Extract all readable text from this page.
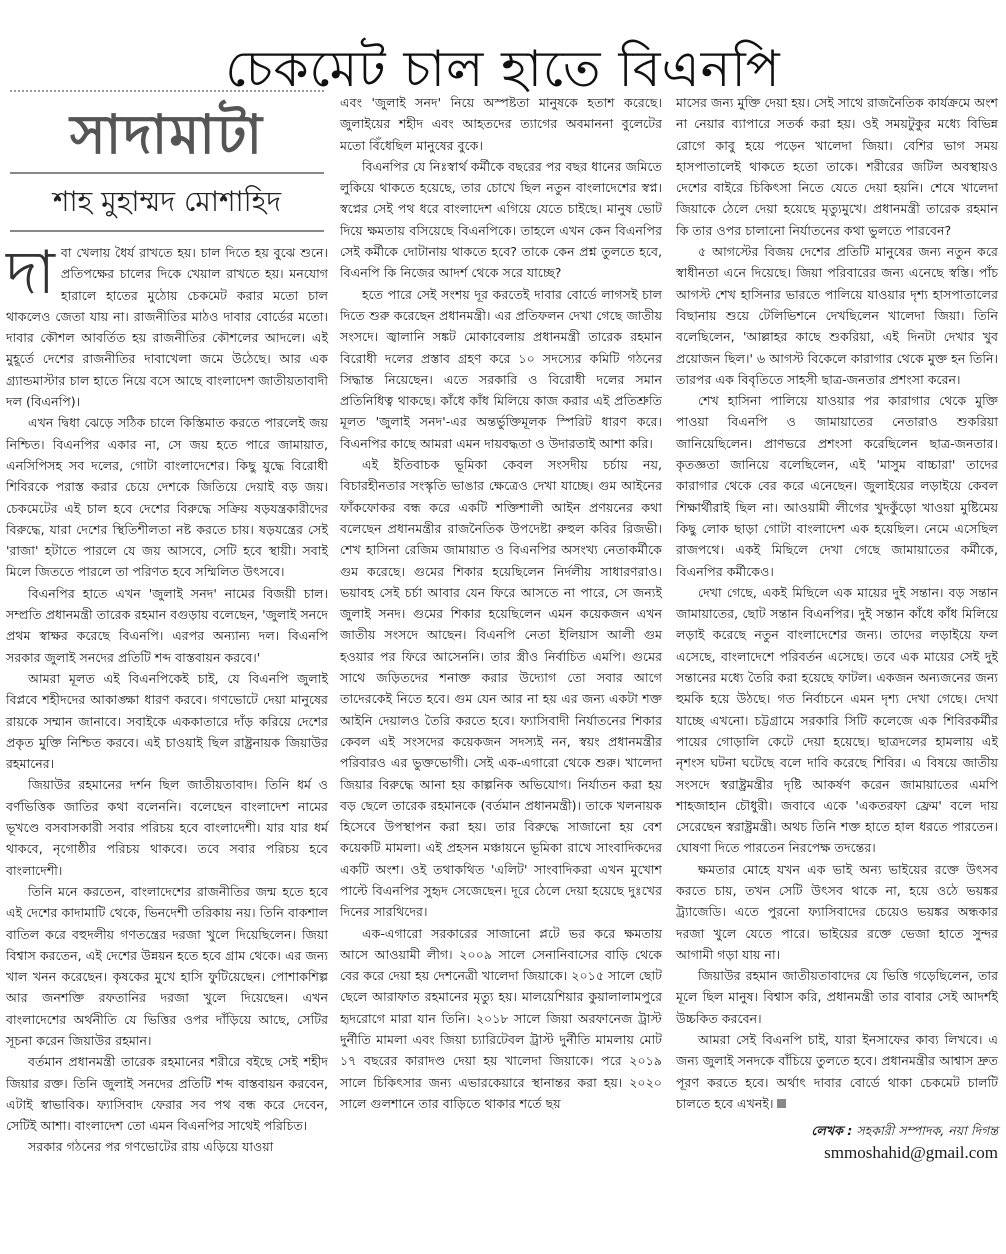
চেকমেট চাল হাতে বিএনপি
সাদামাটা
শাহ মুহাম্মদ মোশাহিদ

দাবা খেলায় ধৈর্য রাখতে হয়। চাল দিতে হয় বুঝে শুনে। প্রতিপক্ষের চালের দিকে খেয়াল রাখতে হয়। মনযোগ হারালে হাতের মুঠোয় চেকমেট করার মতো চাল থাকলেও জেতা যায় না। রাজনীতির মাঠও দাবার বোর্ডের মতো। দাবার কৌশল আবর্তিত হয় রাজনীতির কৌশলের আদলে। এই মুহূর্তে দেশের রাজনীতির দাবাখেলা জমে উঠেছে। আর এক গ্র্যান্ডমাস্টার চাল হাতে নিয়ে বসে আছে বাংলাদেশ জাতীয়তাবাদী দল (বিএনপি)।

এখন দ্বিধা ঝেড়ে সঠিক চালে কিস্তিমাত করতে পারলেই জয় নিশ্চিত। বিএনপির একার না, সে জয় হতে পারে জামায়াত, এনসিপিসহ সব দলের, গোটা বাংলাদেশের। কিছু যুদ্ধে বিরোধী শিবিরকে পরাস্ত করার চেয়ে দেশকে জিতিয়ে দেয়াই বড় জয়। চেকমেটের এই চাল হবে দেশের বিরুদ্ধে সক্রিয় ষড়যন্ত্রকারীদের বিরুদ্ধে, যারা দেশের স্থিতিশীলতা নষ্ট করতে চায়। ষড়যন্ত্রের সেই 'রাজা' হটাতে পারলে যে জয় আসবে, সেটি হবে স্থায়ী। সবাই মিলে জিততে পারলে তা পরিণত হবে সম্মিলিত উৎসবে।

বিএনপির হাতে এখন 'জুলাই সনদ' নামের বিজয়ী চাল। সম্প্রতি প্রধানমন্ত্রী তারেক রহমান বগুড়ায় বলেছেন, 'জুলাই সনদে প্রথম স্বাক্ষর করেছে বিএনপি। এরপর অন্যান্য দল। বিএনপি সরকার জুলাই সনদের প্রতিটি শব্দ বাস্তবায়ন করবে।'

আমরা মূলত এই বিএনপিকেই চাই, যে বিএনপি জুলাই বিপ্লবে শহীদদের আকাঙ্ক্ষা ধারণ করবে। গণভোটে দেয়া মানুষের রায়কে সম্মান জানাবে। সবাইকে এককাতারে দাঁড় করিয়ে দেশের প্রকৃত মুক্তি নিশ্চিত করবে। এই চাওয়াই ছিল রাষ্ট্রনায়ক জিয়াউর রহমানের।

জিয়াউর রহমানের দর্শন ছিল জাতীয়তাবাদ। তিনি ধর্ম ও বর্ণভিত্তিক জাতির কথা বলেননি। বলেছেন বাংলাদেশ নামের ভূখণ্ডে বসবাসকারী সবার পরিচয় হবে বাংলাদেশী। যার যার ধর্ম থাকবে, নৃগোষ্ঠীর পরিচয় থাকবে। তবে সবার পরিচয় হবে বাংলাদেশী।

তিনি মনে করতেন, বাংলাদেশের রাজনীতির জন্ম হতে হবে এই দেশের কাদামাটি থেকে, ভিনদেশী তরিকায় নয়। তিনি বাকশাল বাতিল করে বহুদলীয় গণতন্ত্রের দরজা খুলে দিয়েছিলেন। জিয়া বিশ্বাস করতেন, এই দেশের উন্নয়ন হতে হবে গ্রাম থেকে। এর জন্য খাল খনন করেছেন। কৃষকের মুখে হাসি ফুটিয়েছেন। পোশাকশিল্প আর জনশক্তি রফতানির দরজা খুলে দিয়েছেন। এখন বাংলাদেশের অর্থনীতি যে ভিত্তির ওপর দাঁড়িয়ে আছে, সেটির সূচনা করেন জিয়াউর রহমান।

বর্তমান প্রধানমন্ত্রী তারেক রহমানের শরীরে বইছে সেই শহীদ জিয়ার রক্ত। তিনি জুলাই সনদের প্রতিটি শব্দ বাস্তবায়ন করবেন, এটাই স্বাভাবিক। ফ্যাসিবাদ ফেরার সব পথ বন্ধ করে দেবেন, সেটিই আশা। বাংলাদেশ তো এমন বিএনপির সাথেই পরিচিত।

সরকার গঠনের পর গণভোটের রায় এড়িয়ে যাওয়া

এবং 'জুলাই সনদ' নিয়ে অস্পষ্টতা মানুষকে হতাশ করেছে। জুলাইয়ের শহীদ এবং আহতদের ত্যাগের অবমাননা বুলেটের মতো বিঁধেছিল মানুষের বুকে।

বিএনপির যে নিঃস্বার্থ কর্মীকে বছরের পর বছর ধানের জমিতে লুকিয়ে থাকতে হয়েছে, তার চোখে ছিল নতুন বাংলাদেশের স্বপ্ন। স্বপ্নের সেই পথ ধরে বাংলাদেশ এগিয়ে যেতে চাইছে। মানুষ ভোট দিয়ে ক্ষমতায় বসিয়েছে বিএনপিকে। তাহলে এখন কেন বিএনপির সেই কর্মীকে দোটানায় থাকতে হবে? তাকে কেন প্রশ্ন তুলতে হবে, বিএনপি কি নিজের আদর্শ থেকে সরে যাচ্ছে?

হতে পারে সেই সংশয় দূর করতেই দাবার বোর্ডে লাগসই চাল দিতে শুরু করেছেন প্রধানমন্ত্রী। এর প্রতিফলন দেখা গেছে জাতীয় সংসদে। জ্বালানি সঙ্কট মোকাবেলায় প্রধানমন্ত্রী তারেক রহমান বিরোধী দলের প্রস্তাব গ্রহণ করে ১০ সদস্যের কমিটি গঠনের সিদ্ধান্ত নিয়েছেন। এতে সরকারি ও বিরোধী দলের সমান প্রতিনিধিত্ব থাকছে। কাঁধে কাঁধ মিলিয়ে কাজ করার এই প্রতিশ্রুতি মূলত 'জুলাই সনদ'-এর অন্তর্ভুক্তিমূলক স্পিরিট ধারণ করে। বিএনপির কাছে আমরা এমন দায়বদ্ধতা ও উদারতাই আশা করি।

এই ইতিবাচক ভূমিকা কেবল সংসদীয় চর্চায় নয়, বিচারহীনতার সংস্কৃতি ভাঙার ক্ষেত্রেও দেখা যাচ্ছে। গুম আইনের ফাঁকফোকর বন্ধ করে একটি শক্তিশালী আইন প্রণয়নের কথা বলেছেন প্রধানমন্ত্রীর রাজনৈতিক উপদেষ্টা রুহুল কবির রিজভী। শেখ হাসিনা রেজিম জামায়াত ও বিএনপির অসংখ্য নেতাকর্মীকে গুম করেছে। গুমের শিকার হয়েছিলেন নির্দলীয় সাধারণরাও। ভয়াবহ সেই চর্চা আবার যেন ফিরে আসতে না পারে, সে জন্যই জুলাই সনদ। গুমের শিকার হয়েছিলেন এমন কয়েকজন এখন জাতীয় সংসদে আছেন। বিএনপি নেতা ইলিয়াস আলী গুম হওয়ার পর ফিরে আসেননি। তার স্ত্রীও নির্বাচিত এমপি। গুমের সাথে জড়িতদের শনাক্ত করার উদ্যোগ তো সবার আগে তাদেরকেই নিতে হবে। গুম যেন আর না হয় এর জন্য একটা শক্ত আইনি দেয়ালও তৈরি করতে হবে। ফ্যাসিবাদী নির্যাতনের শিকার কেবল এই সংসদের কয়েকজন সদস্যই নন, স্বয়ং প্রধানমন্ত্রীর পরিবারও এর ভুক্তভোগী। সেই এক-এগারো থেকে শুরু। খালেদা জিয়ার বিরুদ্ধে আনা হয় কাল্পনিক অভিযোগ। নির্যাতন করা হয় বড় ছেলে তারেক রহমানকে (বর্তমান প্রধানমন্ত্রী)। তাকে খলনায়ক হিসেবে উপস্থাপন করা হয়। তার বিরুদ্ধে সাজানো হয় বেশ কয়েকটি মামলা। এই প্রহসন মঞ্চায়নে ভূমিকা রাখে সাংবাদিকদের একটি অংশ। ওই তথাকথিত 'এলিট' সাংবাদিকরা এখন মুখোশ পাল্টে বিএনপির সুহৃদ সেজেছেন। দূরে ঠেলে দেয়া হয়েছে দুঃখের দিনের সারথিদের।

এক-এগারো সরকারের সাজানো প্লটে ভর করে ক্ষমতায় আসে আওয়ামী লীগ। ২০০৯ সালে সেনানিবাসের বাড়ি থেকে বের করে দেয়া হয় দেশনেত্রী খালেদা জিয়াকে। ২০১৫ সালে ছোট ছেলে আরাফাত রহমানের মৃত্যু হয়। মালয়েশিয়ার কুয়ালালামপুরে হৃদরোগে মারা যান তিনি। ২০১৮ সালে জিয়া অরফানেজ ট্রাস্ট দুর্নীতি মামলা এবং জিয়া চ্যারিটেবল ট্রাস্ট দুর্নীতি মামলায় মোট ১৭ বছরের কারাদণ্ড দেয়া হয় খালেদা জিয়াকে। পরে ২০১৯ সালে চিকিৎসার জন্য এভারকেয়ারে স্থানান্তর করা হয়। ২০২০ সালে গুলশানে তার বাড়িতে থাকার শর্তে ছয়

মাসের জন্য মুক্তি দেয়া হয়। সেই সাথে রাজনৈতিক কার্যক্রমে অংশ না নেয়ার ব্যাপারে সতর্ক করা হয়। ওই সময়টুকুর মধ্যে বিভিন্ন রোগে কাবু হয়ে পড়েন খালেদা জিয়া। বেশির ভাগ সময় হাসপাতালেই থাকতে হতো তাকে। শরীরের জটিল অবস্থায়ও দেশের বাইরে চিকিৎসা নিতে যেতে দেয়া হয়নি। শেষে খালেদা জিয়াকে ঠেলে দেয়া হয়েছে মৃত্যুমুখে। প্রধানমন্ত্রী তারেক রহমান কি তার ওপর চালানো নির্যাতনের কথা ভুলতে পারবেন?

৫ আগস্টের বিজয় দেশের প্রতিটি মানুষের জন্য নতুন করে স্বাধীনতা এনে দিয়েছে। জিয়া পরিবারের জন্য এনেছে স্বস্তি। পাঁচ আগস্ট শেখ হাসিনার ভারতে পালিয়ে যাওয়ার দৃশ্য হাসপাতালের বিছানায় শুয়ে টেলিভিশনে দেখছিলেন খালেদা জিয়া। তিনি বলেছিলেন, 'আল্লাহর কাছে শুকরিয়া, এই দিনটা দেখার খুব প্রয়োজন ছিল।' ৬ আগস্ট বিকেলে কারাগার থেকে মুক্ত হন তিনি। তারপর এক বিবৃতিতে সাহসী ছাত্র-জনতার প্রশংসা করেন।

শেখ হাসিনা পালিয়ে যাওয়ার পর কারাগার থেকে মুক্তি পাওয়া বিএনপি ও জামায়াতের নেতারাও শুকরিয়া জানিয়েছিলেন। প্রাণভরে প্রশংসা করেছিলেন ছাত্র-জনতার। কৃতজ্ঞতা জানিয়ে বলেছিলেন, এই 'মাসুম বাচ্চারা' তাদের কারাগার থেকে বের করে এনেছেন। জুলাইয়ের লড়াইয়ে কেবল শিক্ষার্থীরাই ছিল না। আওয়ামী লীগের খুদকুঁড়ো খাওয়া মুষ্টিমেয় কিছু লোক ছাড়া গোটা বাংলাদেশ এক হয়েছিল। নেমে এসেছিল রাজপথে। একই মিছিলে দেখা গেছে জামায়াতের কর্মীকে, বিএনপির কর্মীকেও।

দেখা গেছে, একই মিছিলে এক মায়ের দুই সন্তান। বড় সন্তান জামায়াতের, ছোট সন্তান বিএনপির। দুই সন্তান কাঁধে কাঁধ মিলিয়ে লড়াই করেছে নতুন বাংলাদেশের জন্য। তাদের লড়াইয়ে ফল এসেছে, বাংলাদেশে পরিবর্তন এসেছে। তবে এক মায়ের সেই দুই সন্তানের মধ্যে তৈরি করা হয়েছে ফাটল। একজন অন্যজনের জন্য হুমকি হয়ে উঠছে। গত নির্বাচনে এমন দৃশ্য দেখা গেছে। দেখা যাচ্ছে এখনো। চট্টগ্রামে সরকারি সিটি কলেজে এক শিবিরকর্মীর পায়ের গোড়ালি কেটে দেয়া হয়েছে। ছাত্রদলের হামলায় এই নৃশংস ঘটনা ঘটেছে বলে দাবি করেছে শিবির। এ বিষয়ে জাতীয় সংসদে স্বরাষ্ট্রমন্ত্রীর দৃষ্টি আকর্ষণ করেন জামায়াতের এমপি শাহজাহান চৌধুরী। জবাবে একে 'একতরফা ফ্রেম' বলে দায় সেরেছেন স্বরাষ্ট্রমন্ত্রী। অথচ তিনি শক্ত হাতে হাল ধরতে পারতেন। ঘোষণা দিতে পারতেন নিরপেক্ষ তদন্তের।

ক্ষমতার মোহে যখন এক ভাই অন্য ভাইয়ের রক্তে উৎসব করতে চায়, তখন সেটি উৎসব থাকে না, হয়ে ওঠে ভয়ঙ্কর ট্র্যাজেডি। এতে পুরনো ফ্যাসিবাদের চেয়েও ভয়ঙ্কর অন্ধকার দরজা খুলে যেতে পারে। ভাইয়ের রক্তে ভেজা হাতে সুন্দর আগামী গড়া যায় না।

জিয়াউর রহমান জাতীয়তাবাদের যে ভিত্তি গড়েছিলেন, তার মূলে ছিল মানুষ। বিশ্বাস করি, প্রধানমন্ত্রী তার বাবার সেই আদর্শই উচ্চকিত করবেন।

আমরা সেই বিএনপি চাই, যারা ইনসাফের কাব্য লিখবে। এ জন্য জুলাই সনদকে বাঁচিয়ে তুলতে হবে। প্রধানমন্ত্রীর আশ্বাস দ্রুত পূরণ করতে হবে। অর্থাৎ দাবার বোর্ডে থাকা চেকমেট চালটি চালতে হবে এখনই।

লেখক : সহকারী সম্পাদক, নয়া দিগন্ত
smmoshahid@gmail.com
